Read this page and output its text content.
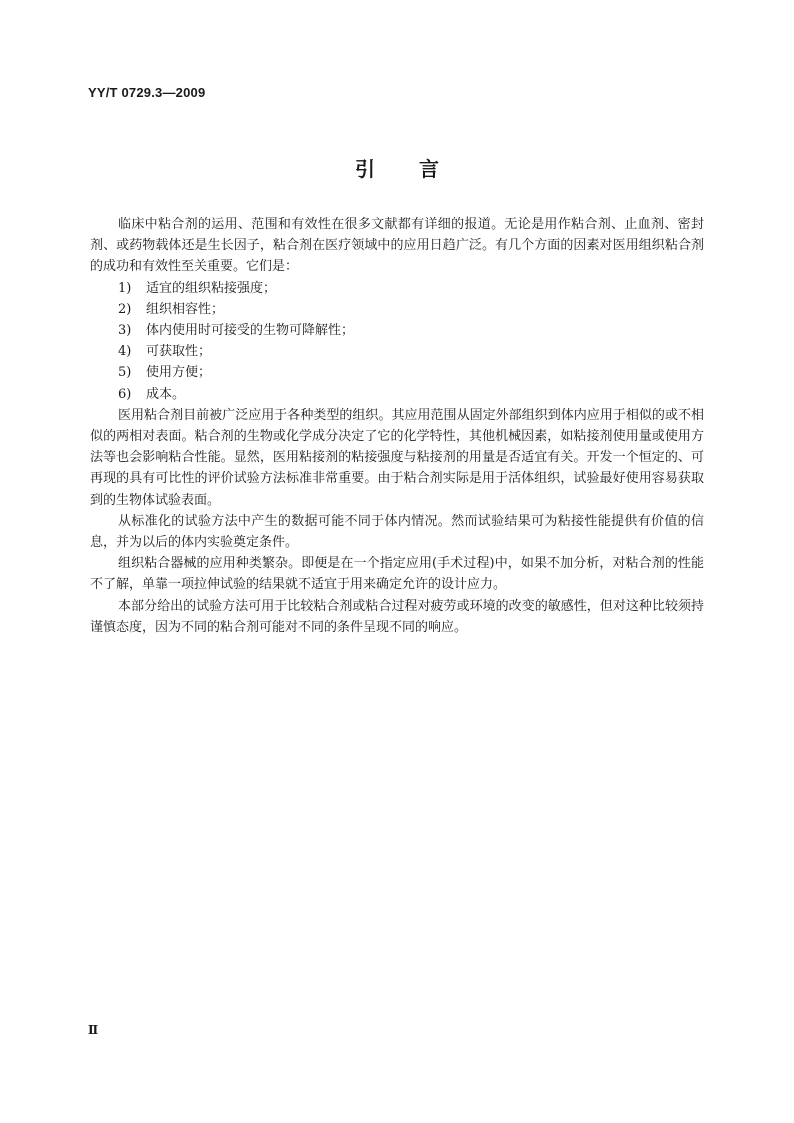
YY/T 0729.3—2009
引言

临床中粘合剂的运用、范围和有效性在很多文献都有详细的报道。无论是用作粘合剂、止血剂、密封剂、或药物载体还是生长因子，粘合剂在医疗领域中的应用日趋广泛。有几个方面的因素对医用组织粘合剂的成功和有效性至关重要。它们是：

1)	适宜的组织粘接强度；
2)	组织相容性；
3)	体内使用时可接受的生物可降解性；
4)	可获取性；
5)	使用方便；
6)	成本。

医用粘合剂目前被广泛应用于各种类型的组织。其应用范围从固定外部组织到体内应用于相似的或不相似的两相对表面。粘合剂的生物或化学成分决定了它的化学特性，其他机械因素，如粘接剂使用量或使用方法等也会影响粘合性能。显然，医用粘接剂的粘接强度与粘接剂的用量是否适宜有关。开发一个恒定的、可再现的具有可比性的评价试验方法标准非常重要。由于粘合剂实际是用于活体组织，试验最好使用容易获取到的生物体试验表面。

从标准化的试验方法中产生的数据可能不同于体内情况。然而试验结果可为粘接性能提供有价值的信息，并为以后的体内实验奠定条件。

组织粘合器械的应用种类繁杂。即便是在一个指定应用(手术过程)中，如果不加分析，对粘合剂的性能不了解，单靠一项拉伸试验的结果就不适宜于用来确定允许的设计应力。

本部分给出的试验方法可用于比较粘合剂或粘合过程对疲劳或环境的改变的敏感性，但对这种比较须持谨慎态度，因为不同的粘合剂可能对不同的条件呈现不同的响应。

Ⅱ
